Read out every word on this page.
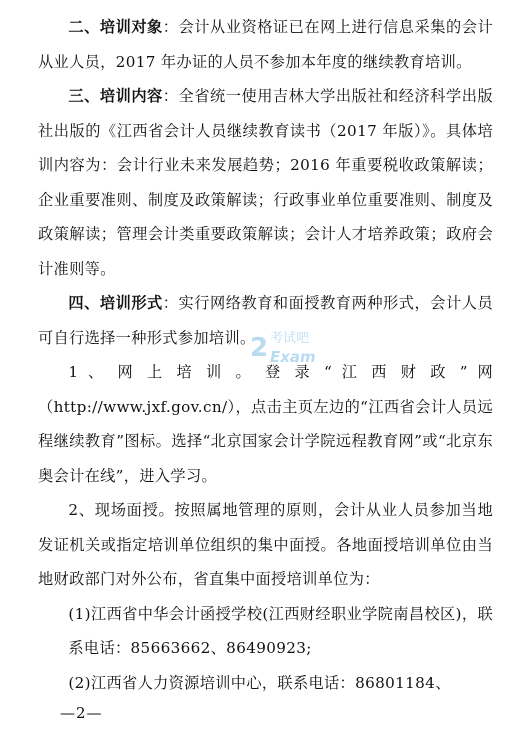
二、培训对象：会计从业资格证已在网上进行信息采集的会计从业人员，2017 年办证的人员不参加本年度的继续教育培训。

三、培训内容：全省统一使用吉林大学出版社和经济科学出版社出版的《江西省会计人员继续教育读书（2017 年版）》。具体培训内容为：会计行业未来发展趋势；2016 年重要税收政策解读；企业重要准则、制度及政策解读；行政事业单位重要准则、制度及政策解读；管理会计类重要政策解读；会计人才培养政策；政府会计准则等。

四、培训形式：实行网络教育和面授教育两种形式，会计人员可自行选择一种形式参加培训。

1 、 网 上 培 训 。 登 录 “ 江 西 财 政 ” 网（http://www.jxf.gov.cn/），点击主页左边的“江西省会计人员远程继续教育”图标。选择“北京国家会计学院远程教育网”或“北京东奥会计在线”，进入学习。

2、现场面授。按照属地管理的原则，会计从业人员参加当地发证机关或指定培训单位组织的集中面授。各地面授培训单位由当地财政部门对外公布，省直集中面授培训单位为：

(1)江西省中华会计函授学校(江西财经职业学院南昌校区)，联系电话：85663662、86490923;

(2)江西省人力资源培训中心，联系电话：86801184、

2 考试吧
Exam
—2—
